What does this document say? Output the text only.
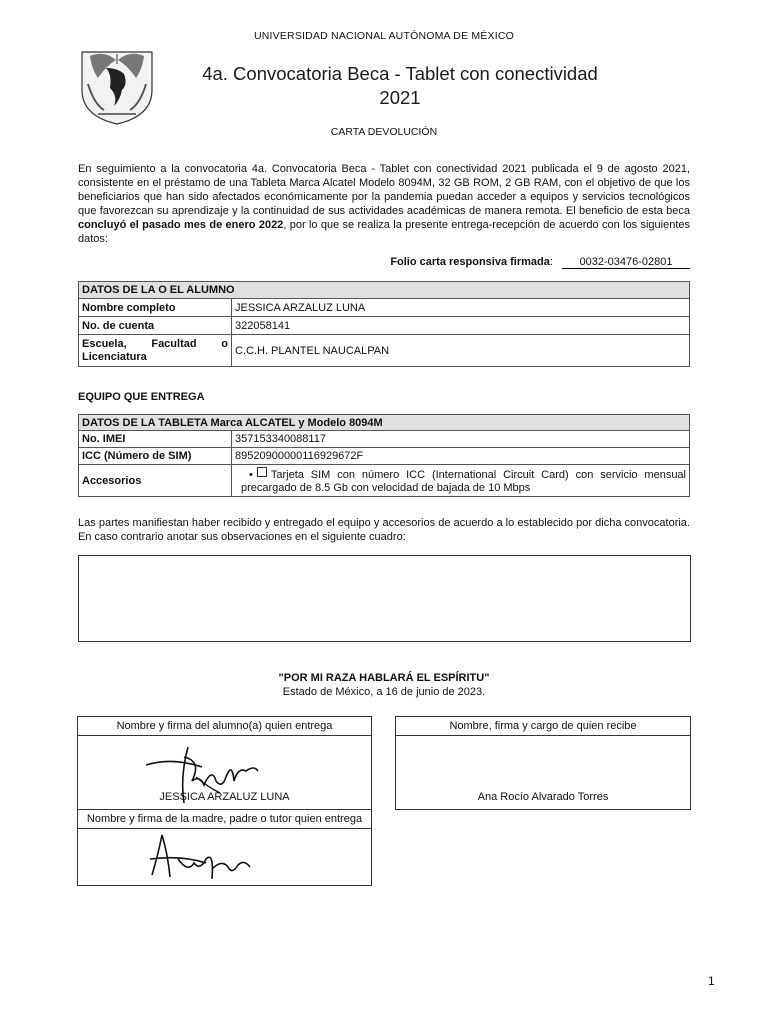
UNIVERSIDAD NACIONAL AUTÓNOMA DE MÉXICO
4a. Convocatoria Beca - Tablet con conectividad 2021
CARTA DEVOLUCIÓN
En seguimiento a la convocatoria 4a. Convocatoria Beca - Tablet con conectividad 2021 publicada el 9 de agosto 2021, consistente en el préstamo de una Tableta Marca Alcatel Modelo 8094M, 32 GB ROM, 2 GB RAM, con el objetivo de que los beneficiarios que han sido afectados económicamente por la pandemia puedan acceder a equipos y servicios tecnológicos que favorezcan su aprendizaje y la continuidad de sus actividades académicas de manera remota. El beneficio de esta beca concluyó el pasado mes de enero 2022, por lo que se realiza la presente entrega-recepción de acuerdo con los siguientes datos:
Folio carta responsiva firmada: 0032-03476-02801
DATOS DE LA O EL ALUMNO	
Nombre completo	JESSICA ARZALUZ LUNA
No. de cuenta	322058141
Escuela, Facultad o Licenciatura	C.C.H. PLANTEL NAUCALPAN
EQUIPO QUE ENTREGA
DATOS DE LA TABLETA Marca ALCATEL y Modelo 8094M	
No. IMEI	357153340088117
ICC (Número de SIM)	89520900000116929672F
Accesorios	• Tarjeta SIM con número ICC (International Circuit Card) con servicio mensual precargado de 8.5 Gb con velocidad de bajada de 10 Mbps
Las partes manifiestan haber recibido y entregado el equipo y accesorios de acuerdo a lo establecido por dicha convocatoria. En caso contrario anotar sus observaciones en el siguiente cuadro:
"POR MI RAZA HABLARÁ EL ESPÍRITU"
Estado de México, a 16 de junio de 2023.
Nombre y firma del alumno(a) quien entrega
JESSICA ARZALUZ LUNA
Nombre y firma de la madre, padre o tutor quien entrega
Nombre, firma y cargo de quien recibe
Ana Rocío Alvarado Torres
1
